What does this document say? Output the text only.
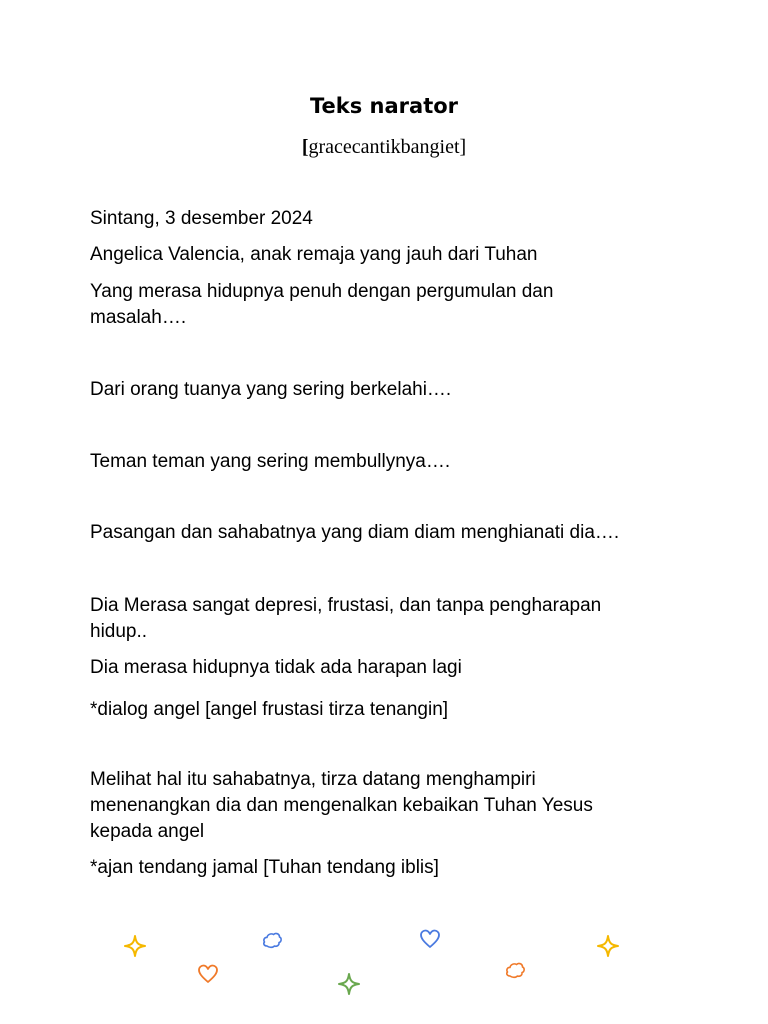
Teks narator
[gracecantikbangiet]

Sintang, 3 desember 2024

Angelica Valencia, anak remaja yang jauh dari Tuhan

Yang merasa hidupnya penuh dengan pergumulan dan masalah….

Dari orang tuanya yang sering berkelahi….

Teman teman yang sering membullynya….

Pasangan dan sahabatnya yang diam diam menghianati dia….

Dia Merasa sangat depresi, frustasi, dan tanpa pengharapan hidup..

Dia merasa hidupnya tidak ada harapan lagi

*dialog angel [angel frustasi tirza tenangin]

Melihat hal itu sahabatnya, tirza datang menghampiri menenangkan dia dan mengenalkan kebaikan Tuhan Yesus kepada angel

*ajan tendang jamal [Tuhan tendang iblis]
